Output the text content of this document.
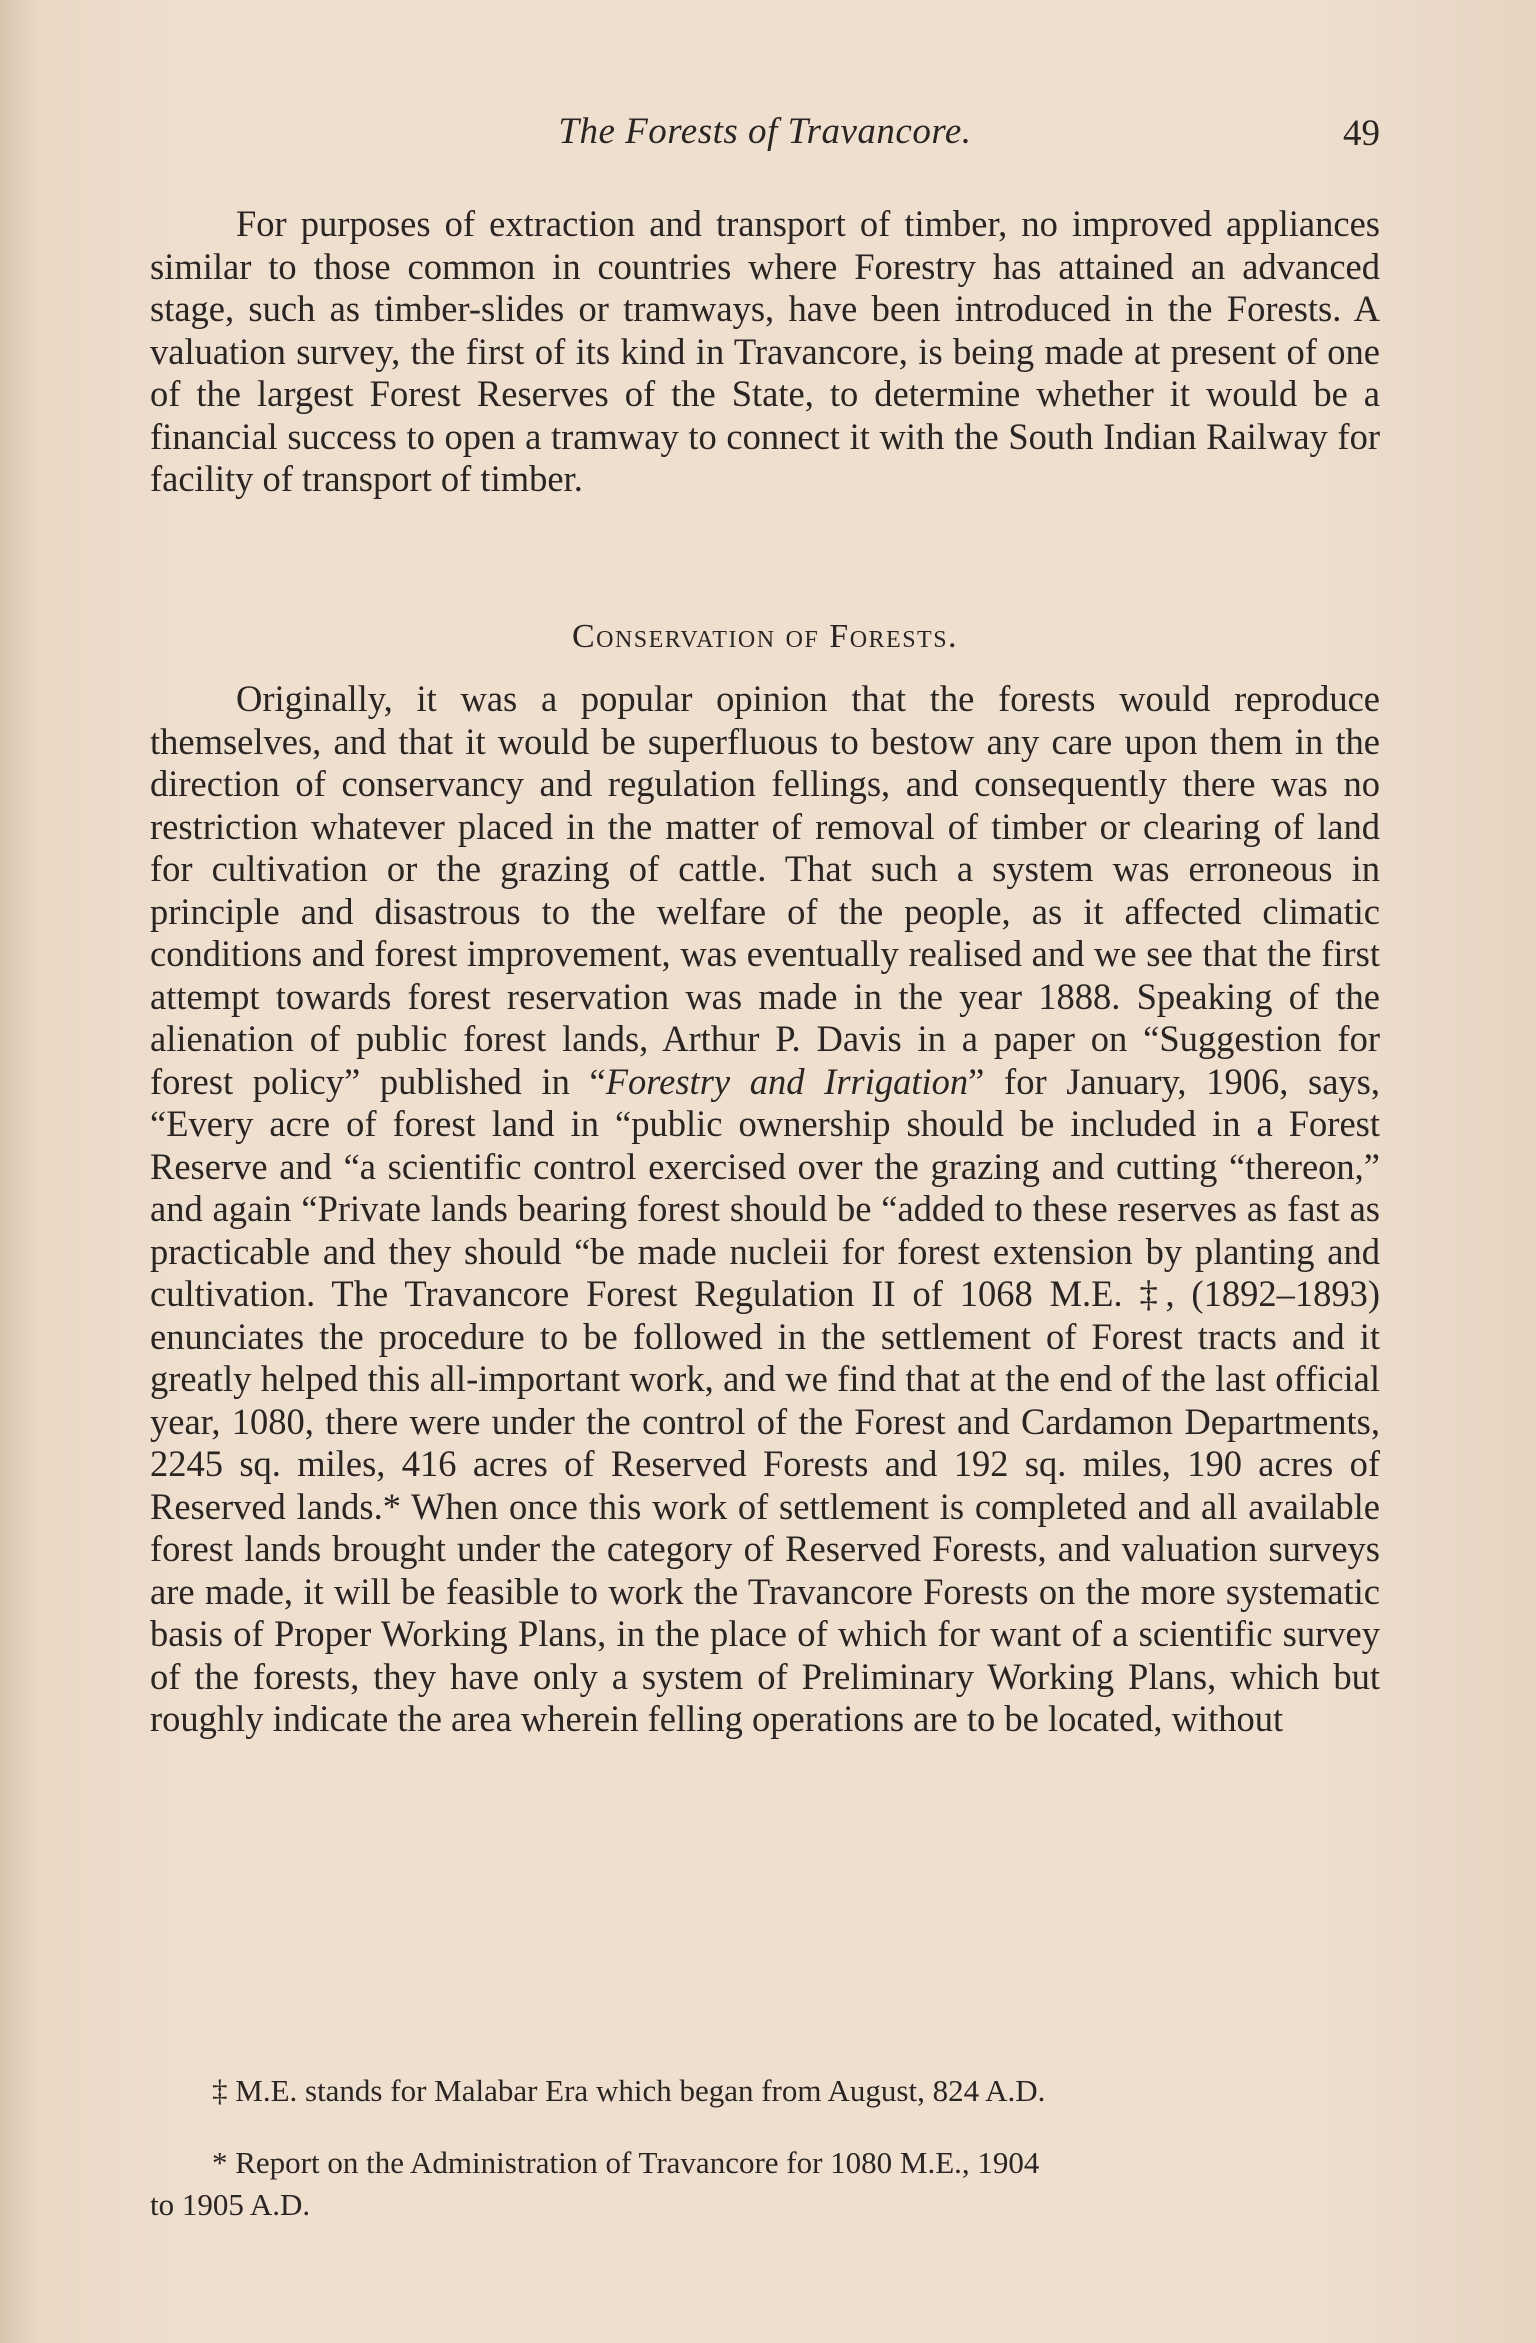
The Forests of Travancore.	49

For purposes of extraction and transport of timber, no improved appliances similar to those common in countries where Forestry has attained an advanced stage, such as timber-slides or tramways, have been introduced in the Forests. A valuation survey, the first of its kind in Travancore, is being made at present of one of the largest Forest Reserves of the State, to determine whether it would be a financial success to open a tramway to connect it with the South Indian Railway for facility of transport of timber.

Conservation of Forests.

Originally, it was a popular opinion that the forests would reproduce themselves, and that it would be superfluous to bestow any care upon them in the direction of conservancy and regulation fellings, and consequently there was no restriction whatever placed in the matter of removal of timber or clearing of land for cultivation or the grazing of cattle. That such a system was erroneous in principle and disastrous to the welfare of the people, as it affected climatic conditions and forest improvement, was eventually realised and we see that the first attempt towards forest reservation was made in the year 1888. Speaking of the alienation of public forest lands, Arthur P. Davis in a paper on “Suggestion for forest policy” published in “Forestry and Irrigation” for January, 1906, says, “Every acre of forest land in “public ownership should be included in a Forest Reserve and “a scientific control exercised over the grazing and cutting “thereon,” and again “Private lands bearing forest should be “added to these reserves as fast as practicable and they should “be made nucleii for forest extension by planting and cultivation. The Travancore Forest Regulation II of 1068 M.E. ‡, (1892–1893) enunciates the procedure to be followed in the settlement of Forest tracts and it greatly helped this all-important work, and we find that at the end of the last official year, 1080, there were under the control of the Forest and Cardamon Departments, 2245 sq. miles, 416 acres of Reserved Forests and 192 sq. miles, 190 acres of Reserved lands.* When once this work of settlement is completed and all available forest lands brought under the category of Reserved Forests, and valuation surveys are made, it will be feasible to work the Travancore Forests on the more systematic basis of Proper Working Plans, in the place of which for want of a scientific survey of the forests, they have only a system of Preliminary Working Plans, which but roughly indicate the area wherein felling operations are to be located, without

‡ M.E. stands for Malabar Era which began from August, 824 A.D.

* Report on the Administration of Travancore for 1080 M.E., 1904
to 1905 A.D.
